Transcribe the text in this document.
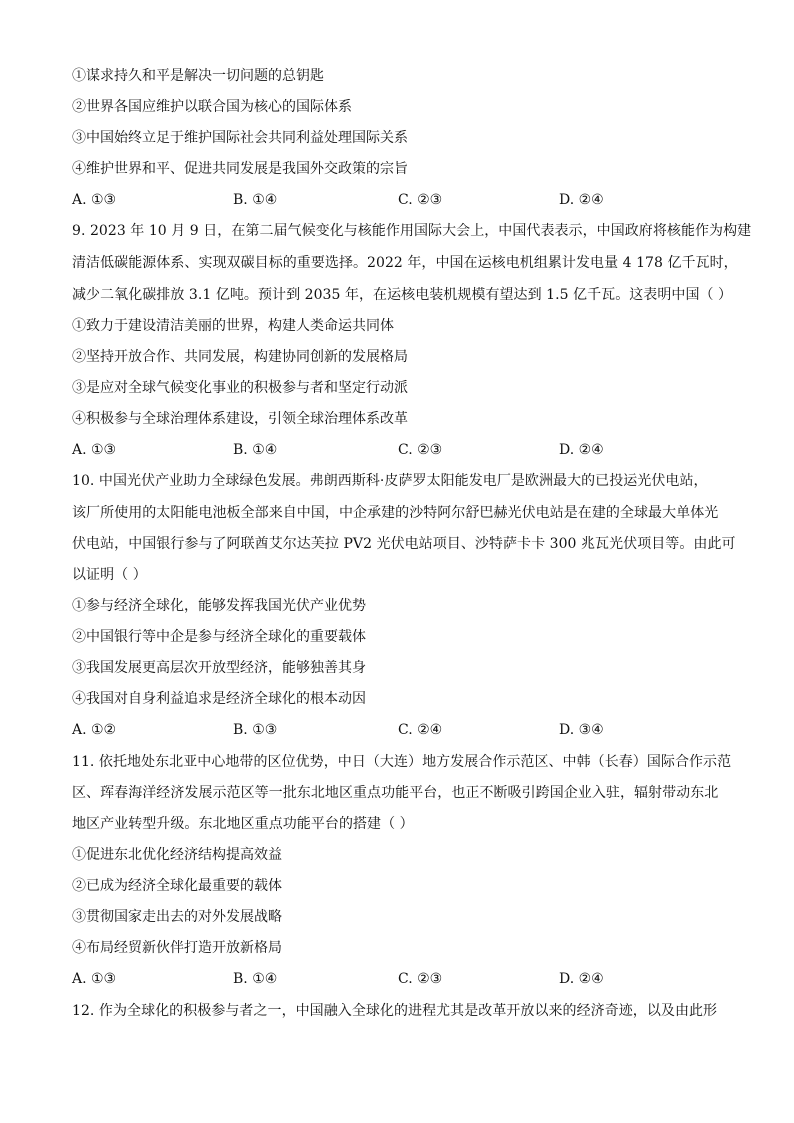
①谋求持久和平是解决一切问题的总钥匙
②世界各国应维护以联合国为核心的国际体系
③中国始终立足于维护国际社会共同利益处理国际关系
④维护世界和平、促进共同发展是我国外交政策的宗旨
A. ①③	B. ①④	C. ②③	D. ②④
9. 2023 年 10 月 9 日，在第二届气候变化与核能作用国际大会上，中国代表表示，中国政府将核能作为构建
清洁低碳能源体系、实现双碳目标的重要选择。2022 年，中国在运核电机组累计发电量 4 178 亿千瓦时，
减少二氧化碳排放 3.1 亿吨。预计到 2035 年，在运核电装机规模有望达到 1.5 亿千瓦。这表明中国（ ）
①致力于建设清洁美丽的世界，构建人类命运共同体
②坚持开放合作、共同发展，构建协同创新的发展格局
③是应对全球气候变化事业的积极参与者和坚定行动派
④积极参与全球治理体系建设，引领全球治理体系改革
A. ①③	B. ①④	C. ②③	D. ②④
10. 中国光伏产业助力全球绿色发展。弗朗西斯科·皮萨罗太阳能发电厂是欧洲最大的已投运光伏电站，
该厂所使用的太阳能电池板全部来自中国，中企承建的沙特阿尔舒巴赫光伏电站是在建的全球最大单体光
伏电站，中国银行参与了阿联酋艾尔达芙拉 PV2 光伏电站项目、沙特萨卡卡 300 兆瓦光伏项目等。由此可
以证明（ ）
①参与经济全球化，能够发挥我国光伏产业优势
②中国银行等中企是参与经济全球化的重要载体
③我国发展更高层次开放型经济，能够独善其身
④我国对自身利益追求是经济全球化的根本动因
A. ①②	B. ①③	C. ②④	D. ③④
11. 依托地处东北亚中心地带的区位优势，中日（大连）地方发展合作示范区、中韩（长春）国际合作示范
区、珲春海洋经济发展示范区等一批东北地区重点功能平台，也正不断吸引跨国企业入驻，辐射带动东北
地区产业转型升级。东北地区重点功能平台的搭建（ ）
①促进东北优化经济结构提高效益
②已成为经济全球化最重要的载体
③贯彻国家走出去的对外发展战略
④布局经贸新伙伴打造开放新格局
A. ①③	B. ①④	C. ②③	D. ②④
12. 作为全球化的积极参与者之一，中国融入全球化的进程尤其是改革开放以来的经济奇迹，以及由此形
